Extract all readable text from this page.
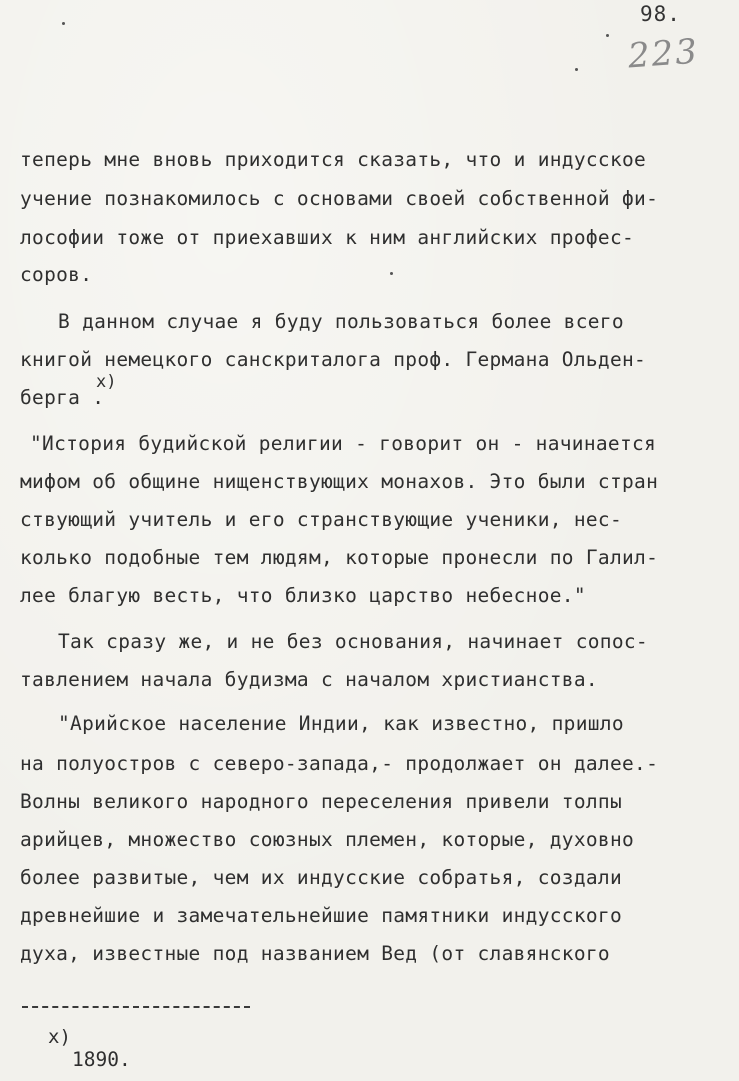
98.
223
теперь мне вновь приходится сказать, что и индусское
учение познакомилось с основами своей собственной фи-
лософии тоже от приехавших к ним английских профес-
соров.
В данном случае я буду пользоваться более всего
книгой немецкого санскриталога проф. Германа Ольден-
берга .
x)
"История будийской религии - говорит он - начинается
мифом об общине нищенствующих монахов. Это были стран
ствующий учитель и его странствующие ученики, нес-
колько подобные тем людям, которые пронесли по Галил-
лее благую весть, что близко царство небесное."
Так сразу же, и не без основания, начинает сопос-
тавлением начала будизма с началом христианства.
"Арийское население Индии, как известно, пришло
на полуостров с северо-запада,- продолжает он далее.-
Волны великого народного переселения привели толпы
арийцев, множество союзных племен, которые, духовно
более развитые, чем их индусские собратья, создали
древнейшие и замечательнейшие памятники индусского
духа, известные под названием Вед (от славянского
x)
1890.
